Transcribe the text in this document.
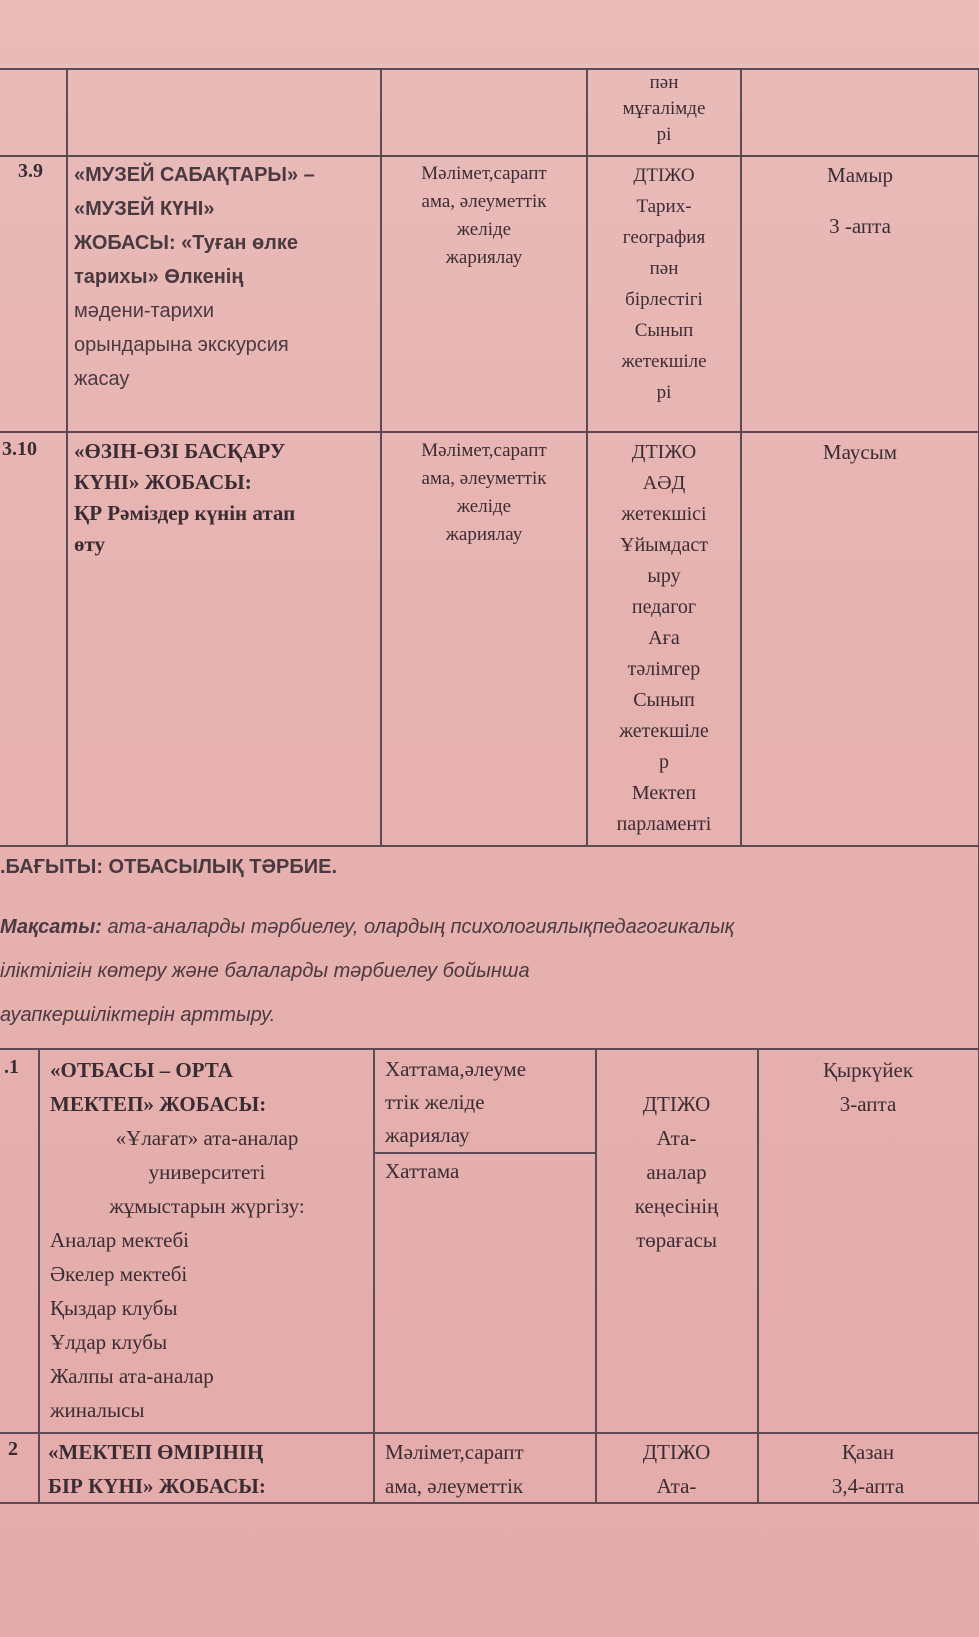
пән
мұғалімде
рі
3.9 «МУЗЕЙ САБАҚТАРЫ» –
«МУЗЕЙ КҮНІ»
ЖОБАСЫ: «Туған өлке
тарихы» Өлкенің
мәдени-тарихи
орындарына экскурсия
жасау
Мәлімет,сарапт
ама, әлеуметтік
желіде
жариялау
ДТІЖО
Тарих-
география
пән
бірлестігі
Сынып
жетекшіле
рі
Мамыр
3 -апта
3.10 «ӨЗІН-ӨЗІ БАСҚАРУ
КҮНІ» ЖОБАСЫ:
ҚР Рәміздер күнін атап
өту
Мәлімет,сарапт
ама, әлеуметтік
желіде
жариялау
ДТІЖО
АӘД
жетекшісі
Ұйымдаст
ыру
педагог
Аға
тәлімгер
Сынып
жетекшіле
р
Мектеп
парламенті
Маусым
.БАҒЫТЫ: ОТБАСЫЛЫҚ ТӘРБИЕ.
Мақсаты: ата-аналарды тәрбиелеу, олардың психологиялықпедагогикалық
іліктілігін көтеру және балаларды тәрбиелеу бойынша
ауапкершіліктерін арттыру.
.1 «ОТБАСЫ – ОРТА
МЕКТЕП» ЖОБАСЫ:
«Ұлағат» ата-аналар
университеті
жұмыстарын жүргізу:
Аналар мектебі
Әкелер мектебі
Қыздар клубы
Ұлдар клубы
Жалпы ата-аналар
жиналысы
Хаттама,әлеуме
ттік желіде
жариялау
Хаттама
ДТІЖО
Ата-
аналар
кеңесінің
төрағасы
Қыркүйек
3-апта
2 «МЕКТЕП ӨМІРІНІҢ
БІР КҮНІ» ЖОБАСЫ:
Мәлімет,сарапт
ама, әлеуметтік
ДТІЖО
Ата-
Қазан
3,4-апта
